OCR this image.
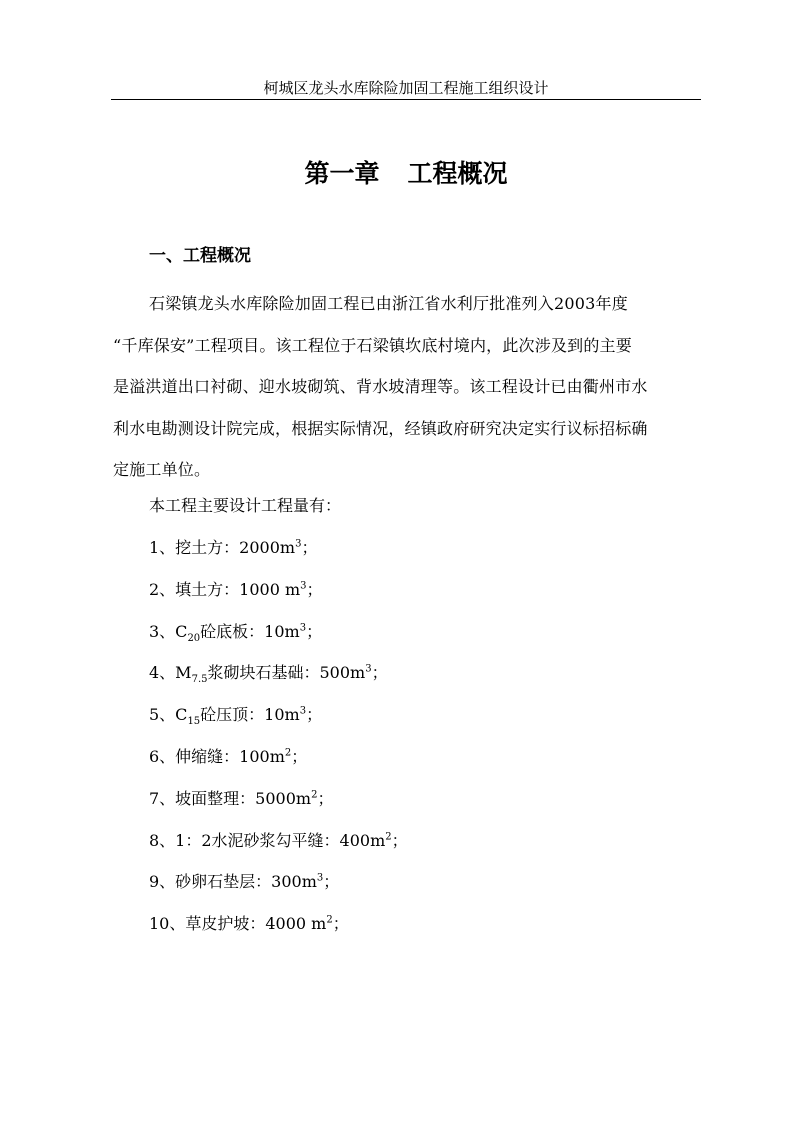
柯城区龙头水库除险加固工程施工组织设计
第一章 工程概况
一、工程概况
石梁镇龙头水库除险加固工程已由浙江省水利厅批准列入2003年度
“千库保安”工程项目。该工程位于石梁镇坎底村境内，此次涉及到的主要
是溢洪道出口衬砌、迎水坡砌筑、背水坡清理等。该工程设计已由衢州市水
利水电勘测设计院完成，根据实际情况，经镇政府研究决定实行议标招标确
定施工单位。
本工程主要设计工程量有：
1、挖土方：$2000m^3$；
2、填土方：1000 $m^3$；
3、$C_{20}$砼底板：$10m^3$；
4、$M_{7.5}$浆砌块石基础：$500m^3$；
5、$C_{15}$砼压顶：$10m^3$；
6、伸缩缝：$100m^2$；
7、坡面整理：$5000m^2$；
8、1：2水泥砂浆勾平缝：$400m^2$；
9、砂卵石垫层：$300m^3$；
10、草皮护坡：4000 $m^2$；
